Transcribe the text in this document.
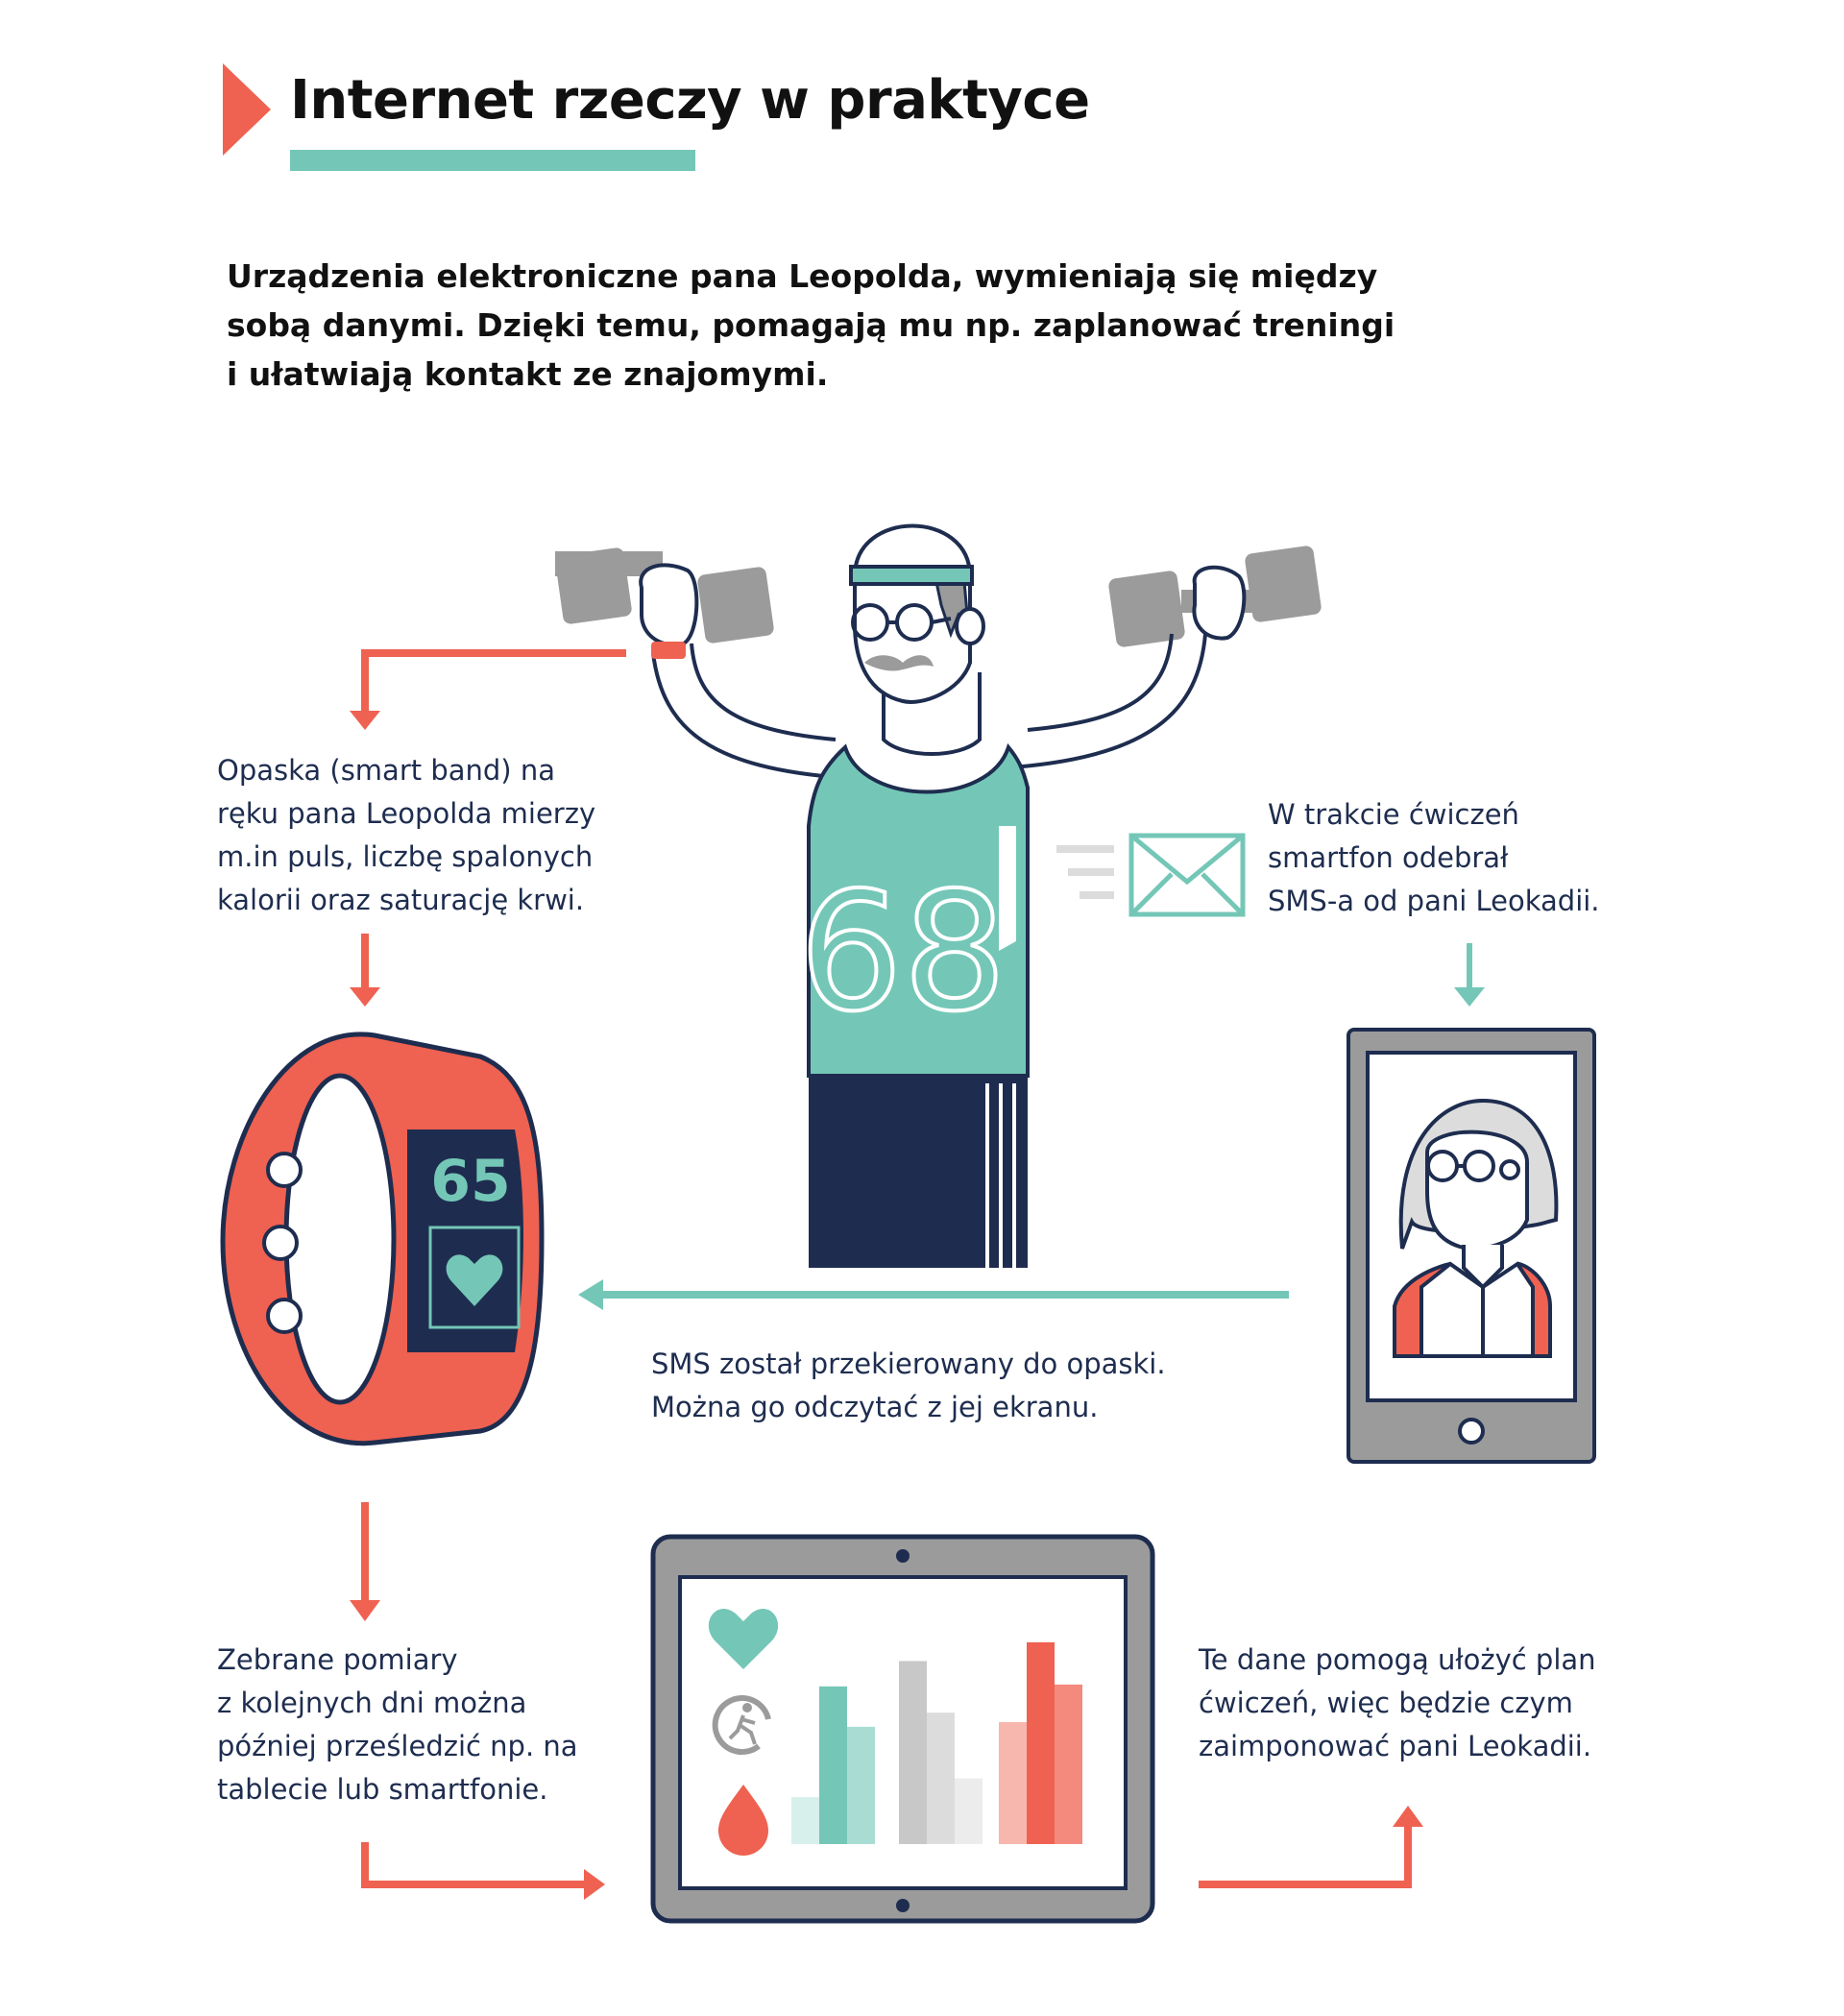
Internet rzeczy w praktyce
Urządzenia elektroniczne pana Leopolda, wymieniają się między sobą danymi. Dzięki temu, pomagają mu np. zaplanować treningi i ułatwiają kontakt ze znajomymi.

Opaska (smart band) na

ręku pana Leopolda mierzy

m.in puls, liczbę spalonych

kalorii oraz saturację krwi.

W trakcie ćwiczeń

smartfon odebrał

SMS-a od pani Leokadii.

SMS został przekierowany do opaski.

Można go odczytać z jej ekranu.

Zebrane pomiary

z kolejnych dni można

później prześledzić np. na

tablecie lub smartfonie.

Te dane pomogą ułożyć plan

ćwiczeń, więc będzie czym

zaimponować pani Leokadii.

68
65
